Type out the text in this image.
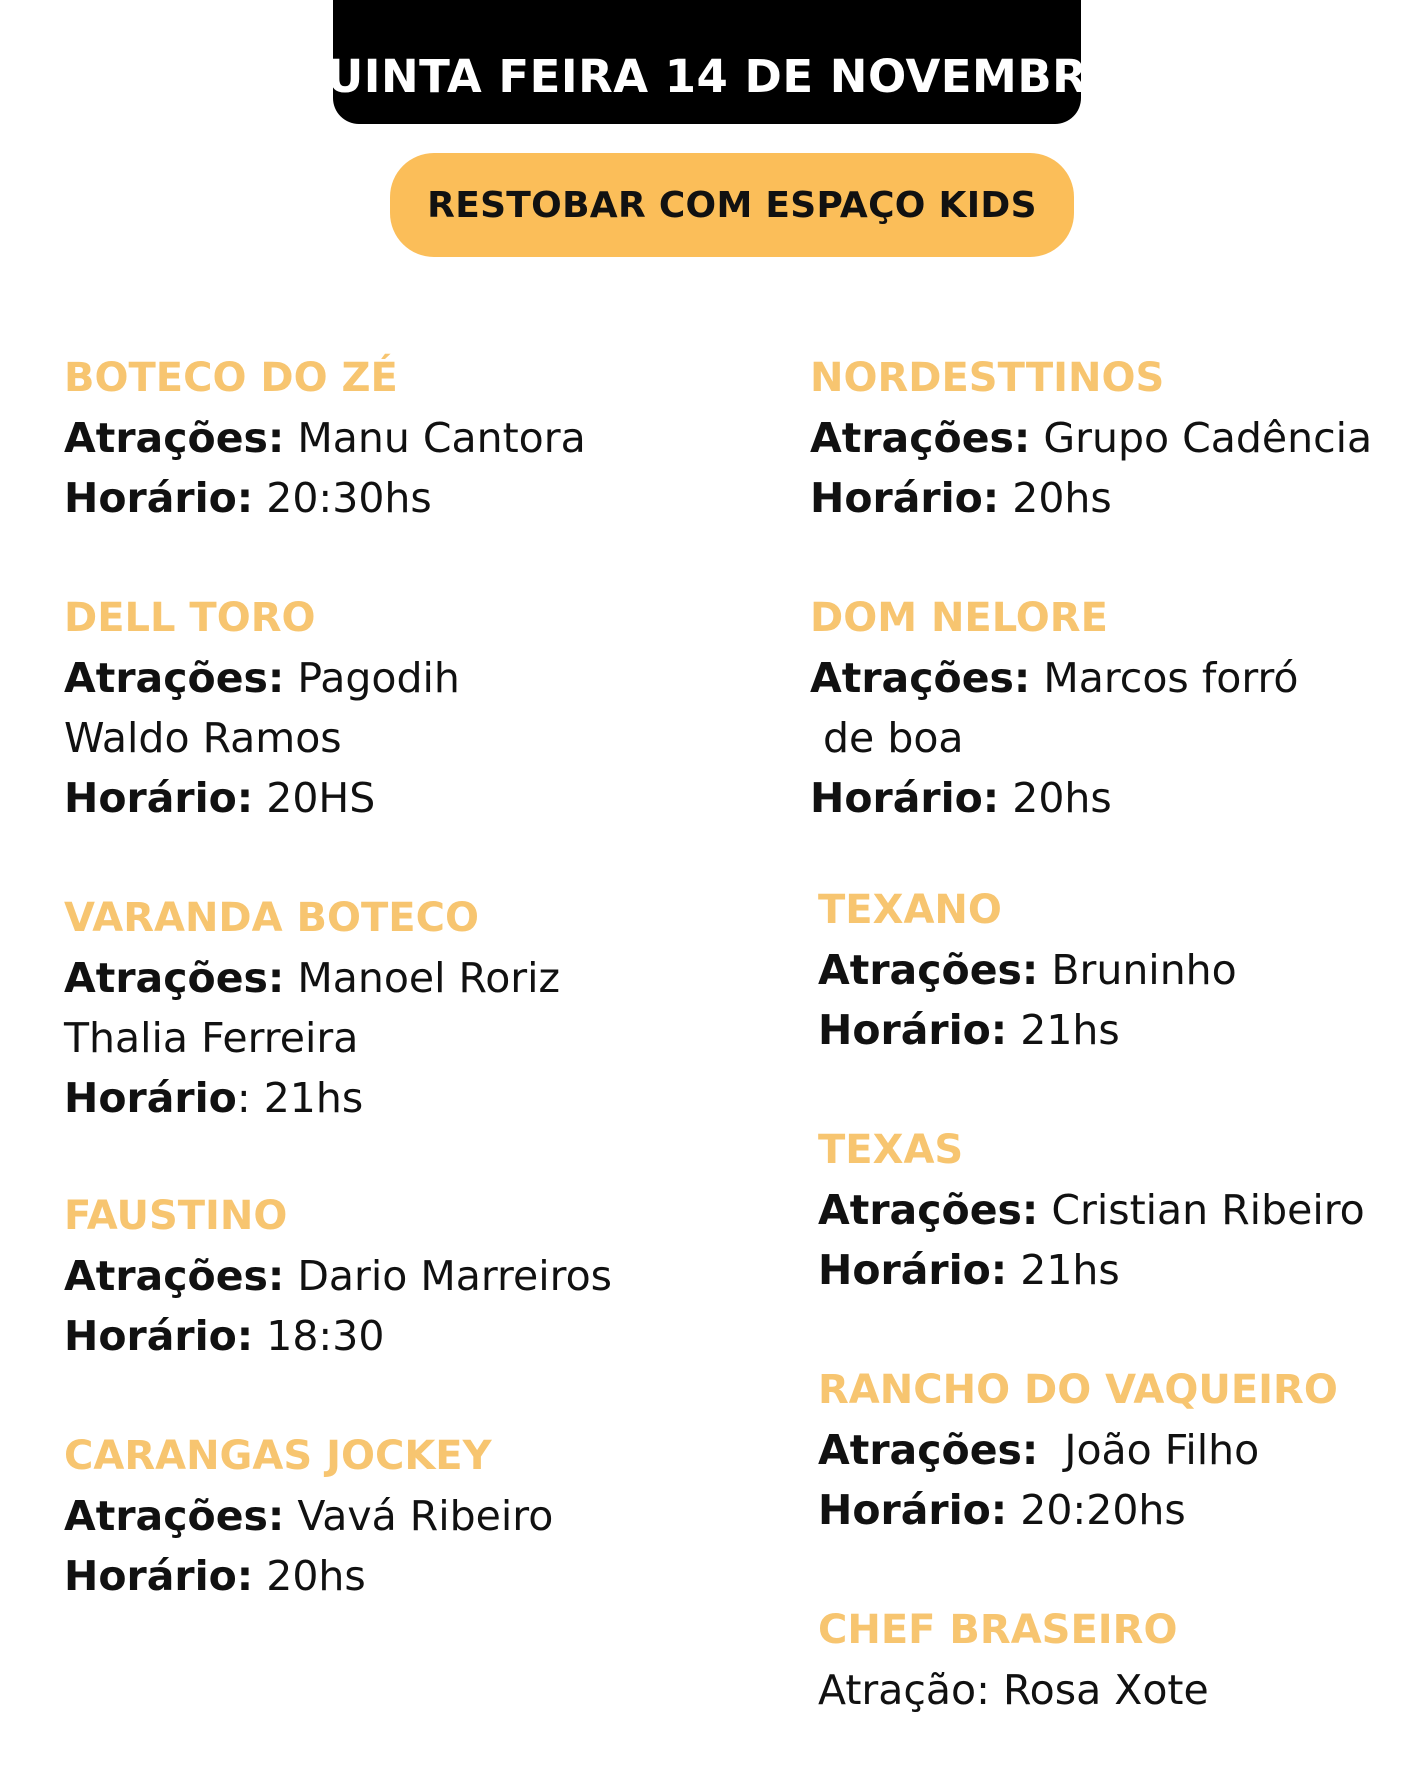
QUINTA FEIRA 14 DE NOVEMBRO
RESTOBAR COM ESPAÇO KIDS
BOTECO DO ZÉ
Atrações: Manu Cantora
Horário: 20:30hs
DELL TORO
Atrações: Pagodih
Waldo Ramos
Horário: 20HS
VARANDA BOTECO
Atrações: Manoel Roriz
Thalia Ferreira
Horário: 21hs
FAUSTINO
Atrações: Dario Marreiros
Horário: 18:30
CARANGAS JOCKEY
Atrações: Vavá Ribeiro
Horário: 20hs
NORDESTTINOS
Atrações: Grupo Cadência
Horário: 20hs
DOM NELORE
Atrações: Marcos forró
de boa
Horário: 20hs
TEXANO
Atrações: Bruninho
Horário: 21hs
TEXAS
Atrações: Cristian Ribeiro
Horário: 21hs
RANCHO DO VAQUEIRO
Atrações:  João Filho
Horário: 20:20hs
CHEF BRASEIRO
Atração: Rosa Xote
